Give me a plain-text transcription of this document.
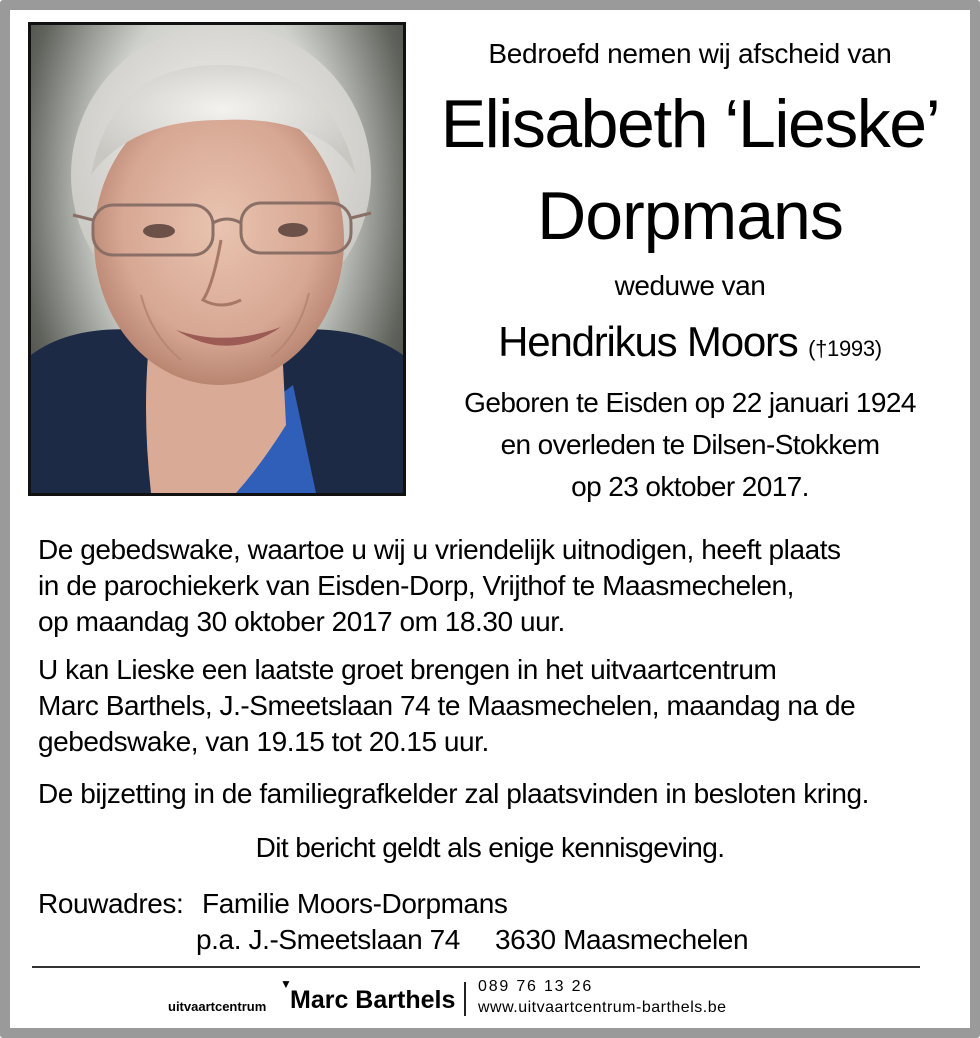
Bedroefd nemen wij afscheid van
Elisabeth ‘Lieske’
Dorpmans
weduwe van
Hendrikus Moors (†1993)
Geboren te Eisden op 22 januari 1924
en overleden te Dilsen-Stokkem
op 23 oktober 2017.
De gebedswake, waartoe u wij u vriendelijk uitnodigen, heeft plaats
in de parochiekerk van Eisden-Dorp, Vrijthof te Maasmechelen,
op maandag 30 oktober 2017 om 18.30 uur.
U kan Lieske een laatste groet brengen in het uitvaartcentrum
Marc Barthels, J.-Smeetslaan 74 te Maasmechelen, maandag na de
gebedswake, van 19.15 tot 20.15 uur.
De bijzetting in de familiegrafkelder zal plaatsvinden in besloten kring.
Dit bericht geldt als enige kennisgeving.
Rouwadres: Familie Moors-Dorpmans
p.a. J.-Smeetslaan 74 3630 Maasmechelen
uitvaartcentrum
▼
Marc Barthels 089 76 13 26
www.uitvaartcentrum-barthels.be
